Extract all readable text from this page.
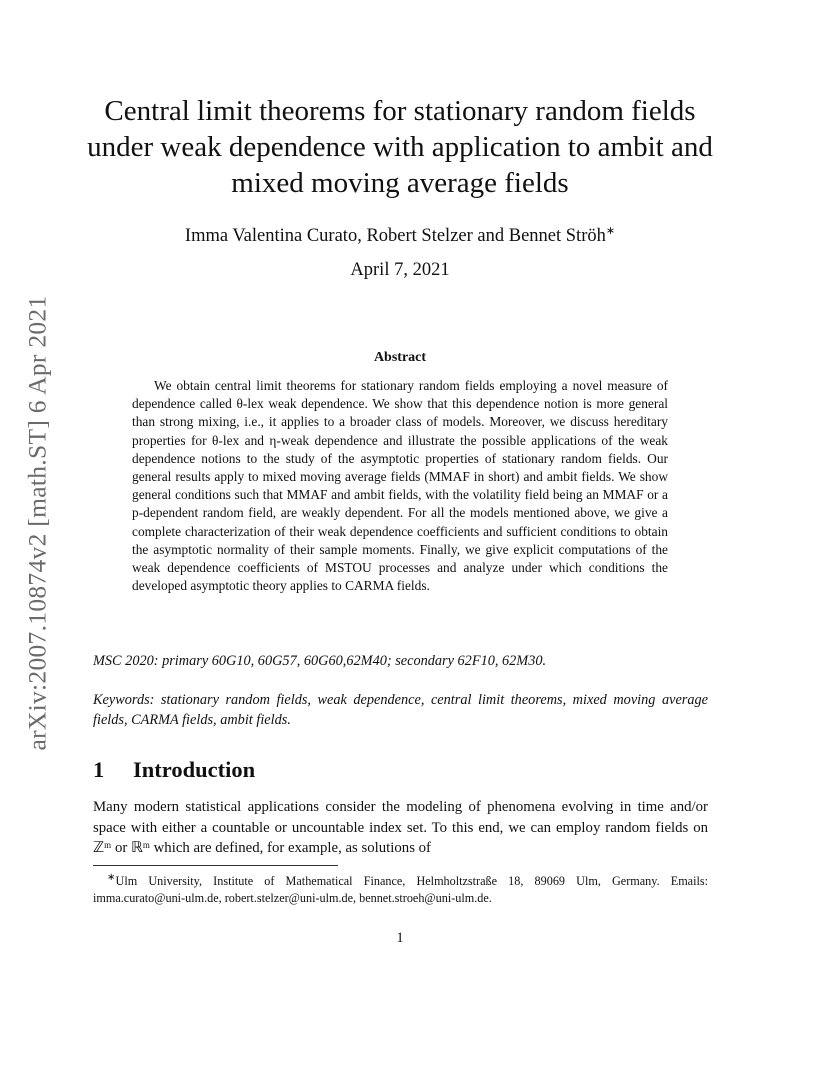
arXiv:2007.10874v2 [math.ST] 6 Apr 2021
Central limit theorems for stationary random fields under weak dependence with application to ambit and mixed moving average fields
Imma Valentina Curato, Robert Stelzer and Bennet Ströh∗
April 7, 2021
Abstract

We obtain central limit theorems for stationary random fields employing a novel measure of dependence called θ-lex weak dependence. We show that this dependence notion is more general than strong mixing, i.e., it applies to a broader class of models. Moreover, we discuss hereditary properties for θ-lex and η-weak dependence and illustrate the possible applications of the weak dependence notions to the study of the asymptotic properties of stationary random fields. Our general results apply to mixed moving average fields (MMAF in short) and ambit fields. We show general conditions such that MMAF and ambit fields, with the volatility field being an MMAF or a p-dependent random field, are weakly dependent. For all the models mentioned above, we give a complete characterization of their weak dependence coefficients and sufficient conditions to obtain the asymptotic normality of their sample moments. Finally, we give explicit computations of the weak dependence coefficients of MSTOU processes and analyze under which conditions the developed asymptotic theory applies to CARMA fields.

MSC 2020: primary 60G10, 60G57, 60G60,62M40; secondary 62F10, 62M30.
Keywords: stationary random fields, weak dependence, central limit theorems, mixed moving average fields, CARMA fields, ambit fields.
1 Introduction

Many modern statistical applications consider the modeling of phenomena evolving in time and/or space with either a countable or uncountable index set. To this end, we can employ random fields on ℤᵐ or ℝᵐ which are defined, for example, as solutions of

∗Ulm University, Institute of Mathematical Finance, Helmholtzstraße 18, 89069 Ulm, Germany. Emails: imma.curato@uni-ulm.de, robert.stelzer@uni-ulm.de, bennet.stroeh@uni-ulm.de.
1
